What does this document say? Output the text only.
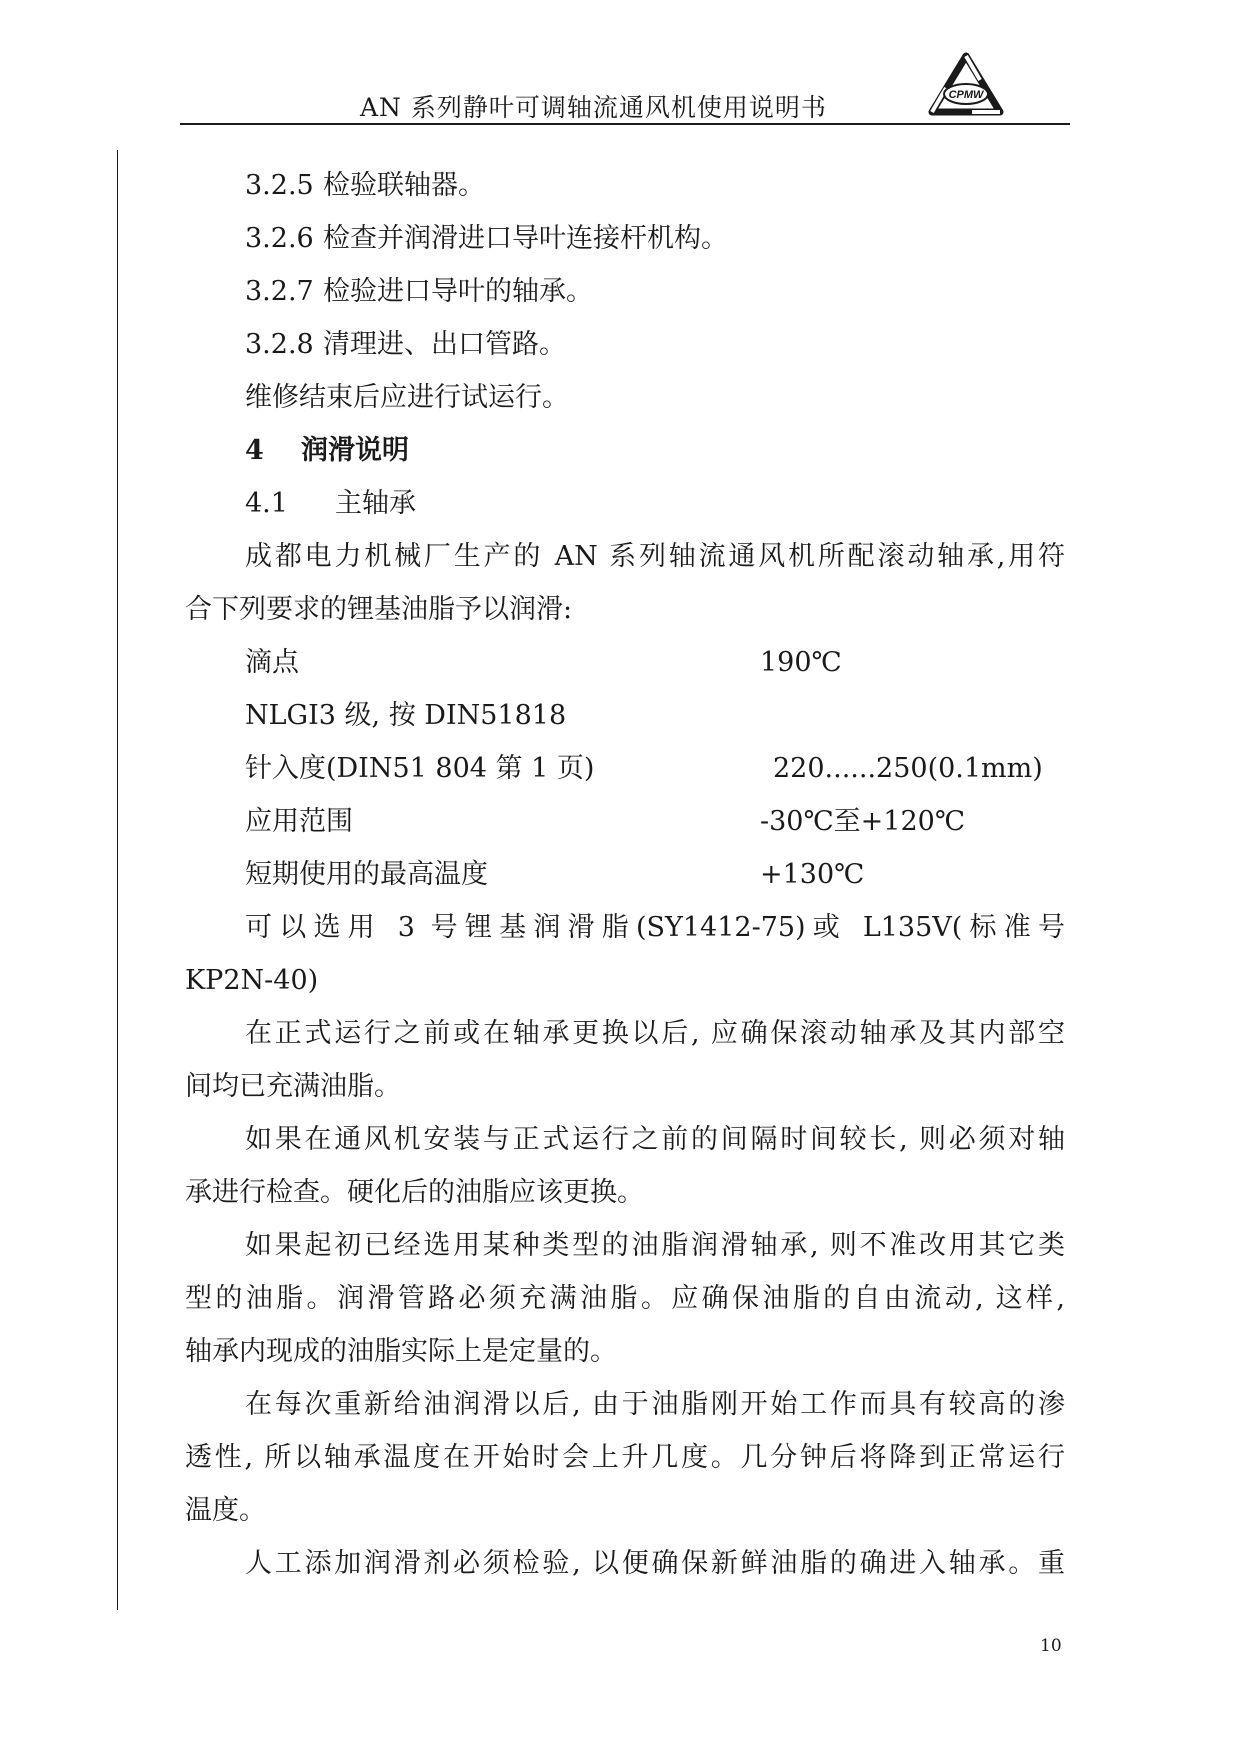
AN 系列静叶可调轴流通风机使用说明书	CPMW
3.2.5 检验联轴器。
3.2.6 检查并润滑进口导叶连接杆机构。
3.2.7 检验进口导叶的轴承。
3.2.8 清理进、出口管路。
维修结束后应进行试运行。
4 润滑说明
4.1 主轴承
成都电力机械厂生产的 AN 系列轴流通风机所配滚动轴承,用符
合下列要求的锂基油脂予以润滑:
滴点	190℃
NLGI3 级, 按 DIN51818
针入度(DIN51 804 第 1 页)	220......250(0.1mm)
应用范围	-30℃至+120℃
短期使用的最高温度	+130℃
可以选用 3 号锂基润滑脂(SY1412-75)或 L135V(标准号
KP2N-40)
在正式运行之前或在轴承更换以后, 应确保滚动轴承及其内部空
间均已充满油脂。
如果在通风机安装与正式运行之前的间隔时间较长, 则必须对轴
承进行检查。硬化后的油脂应该更换。
如果起初已经选用某种类型的油脂润滑轴承, 则不准改用其它类
型的油脂。润滑管路必须充满油脂。应确保油脂的自由流动, 这样,
轴承内现成的油脂实际上是定量的。
在每次重新给油润滑以后, 由于油脂刚开始工作而具有较高的渗
透性, 所以轴承温度在开始时会上升几度。几分钟后将降到正常运行
温度。
人工添加润滑剂必须检验, 以便确保新鲜油脂的确进入轴承。重
10
